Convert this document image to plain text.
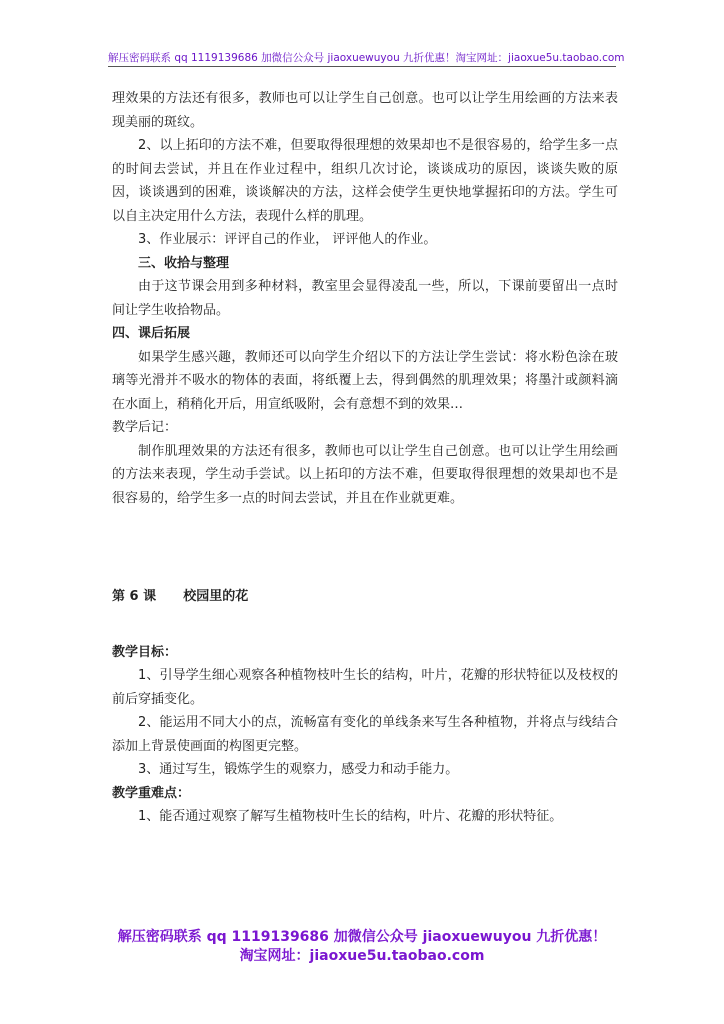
解压密码联系 qq 1119139686 加微信公众号 jiaoxuewuyou 九折优惠！淘宝网址：jiaoxue5u.taobao.com

理效果的方法还有很多，教师也可以让学生自己创意。也可以让学生用绘画的方法来表现美丽的斑纹。

2、以上拓印的方法不难，但要取得很理想的效果却也不是很容易的，给学生多一点的时间去尝试，并且在作业过程中，组织几次讨论，谈谈成功的原因，谈谈失败的原因，谈谈遇到的困难，谈谈解决的方法，这样会使学生更快地掌握拓印的方法。学生可以自主决定用什么方法，表现什么样的肌理。

3、作业展示：评评自己的作业， 评评他人的作业。

三、收拾与整理

由于这节课会用到多种材料，教室里会显得凌乱一些，所以，下课前要留出一点时间让学生收拾物品。

四、课后拓展

如果学生感兴趣，教师还可以向学生介绍以下的方法让学生尝试：将水粉色涂在玻璃等光滑并不吸水的物体的表面，将纸覆上去，得到偶然的肌理效果；将墨汁或颜料滴在水面上，稍稍化开后，用宣纸吸附，会有意想不到的效果…

教学后记：

制作肌理效果的方法还有很多，教师也可以让学生自己创意。也可以让学生用绘画的方法来表现，学生动手尝试。以上拓印的方法不难，但要取得很理想的效果却也不是很容易的，给学生多一点的时间去尝试，并且在作业就更难。

第 6 课      校园里的花

教学目标：

1、引导学生细心观察各种植物枝叶生长的结构，叶片，花瓣的形状特征以及枝杈的前后穿插变化。

2、能运用不同大小的点，流畅富有变化的单线条来写生各种植物，并将点与线结合添加上背景使画面的构图更完整。

3、通过写生，锻炼学生的观察力，感受力和动手能力。

教学重难点：

1、能否通过观察了解写生植物枝叶生长的结构，叶片、花瓣的形状特征。

解压密码联系 qq 1119139686 加微信公众号 jiaoxuewuyou 九折优惠！
淘宝网址：jiaoxue5u.taobao.com
